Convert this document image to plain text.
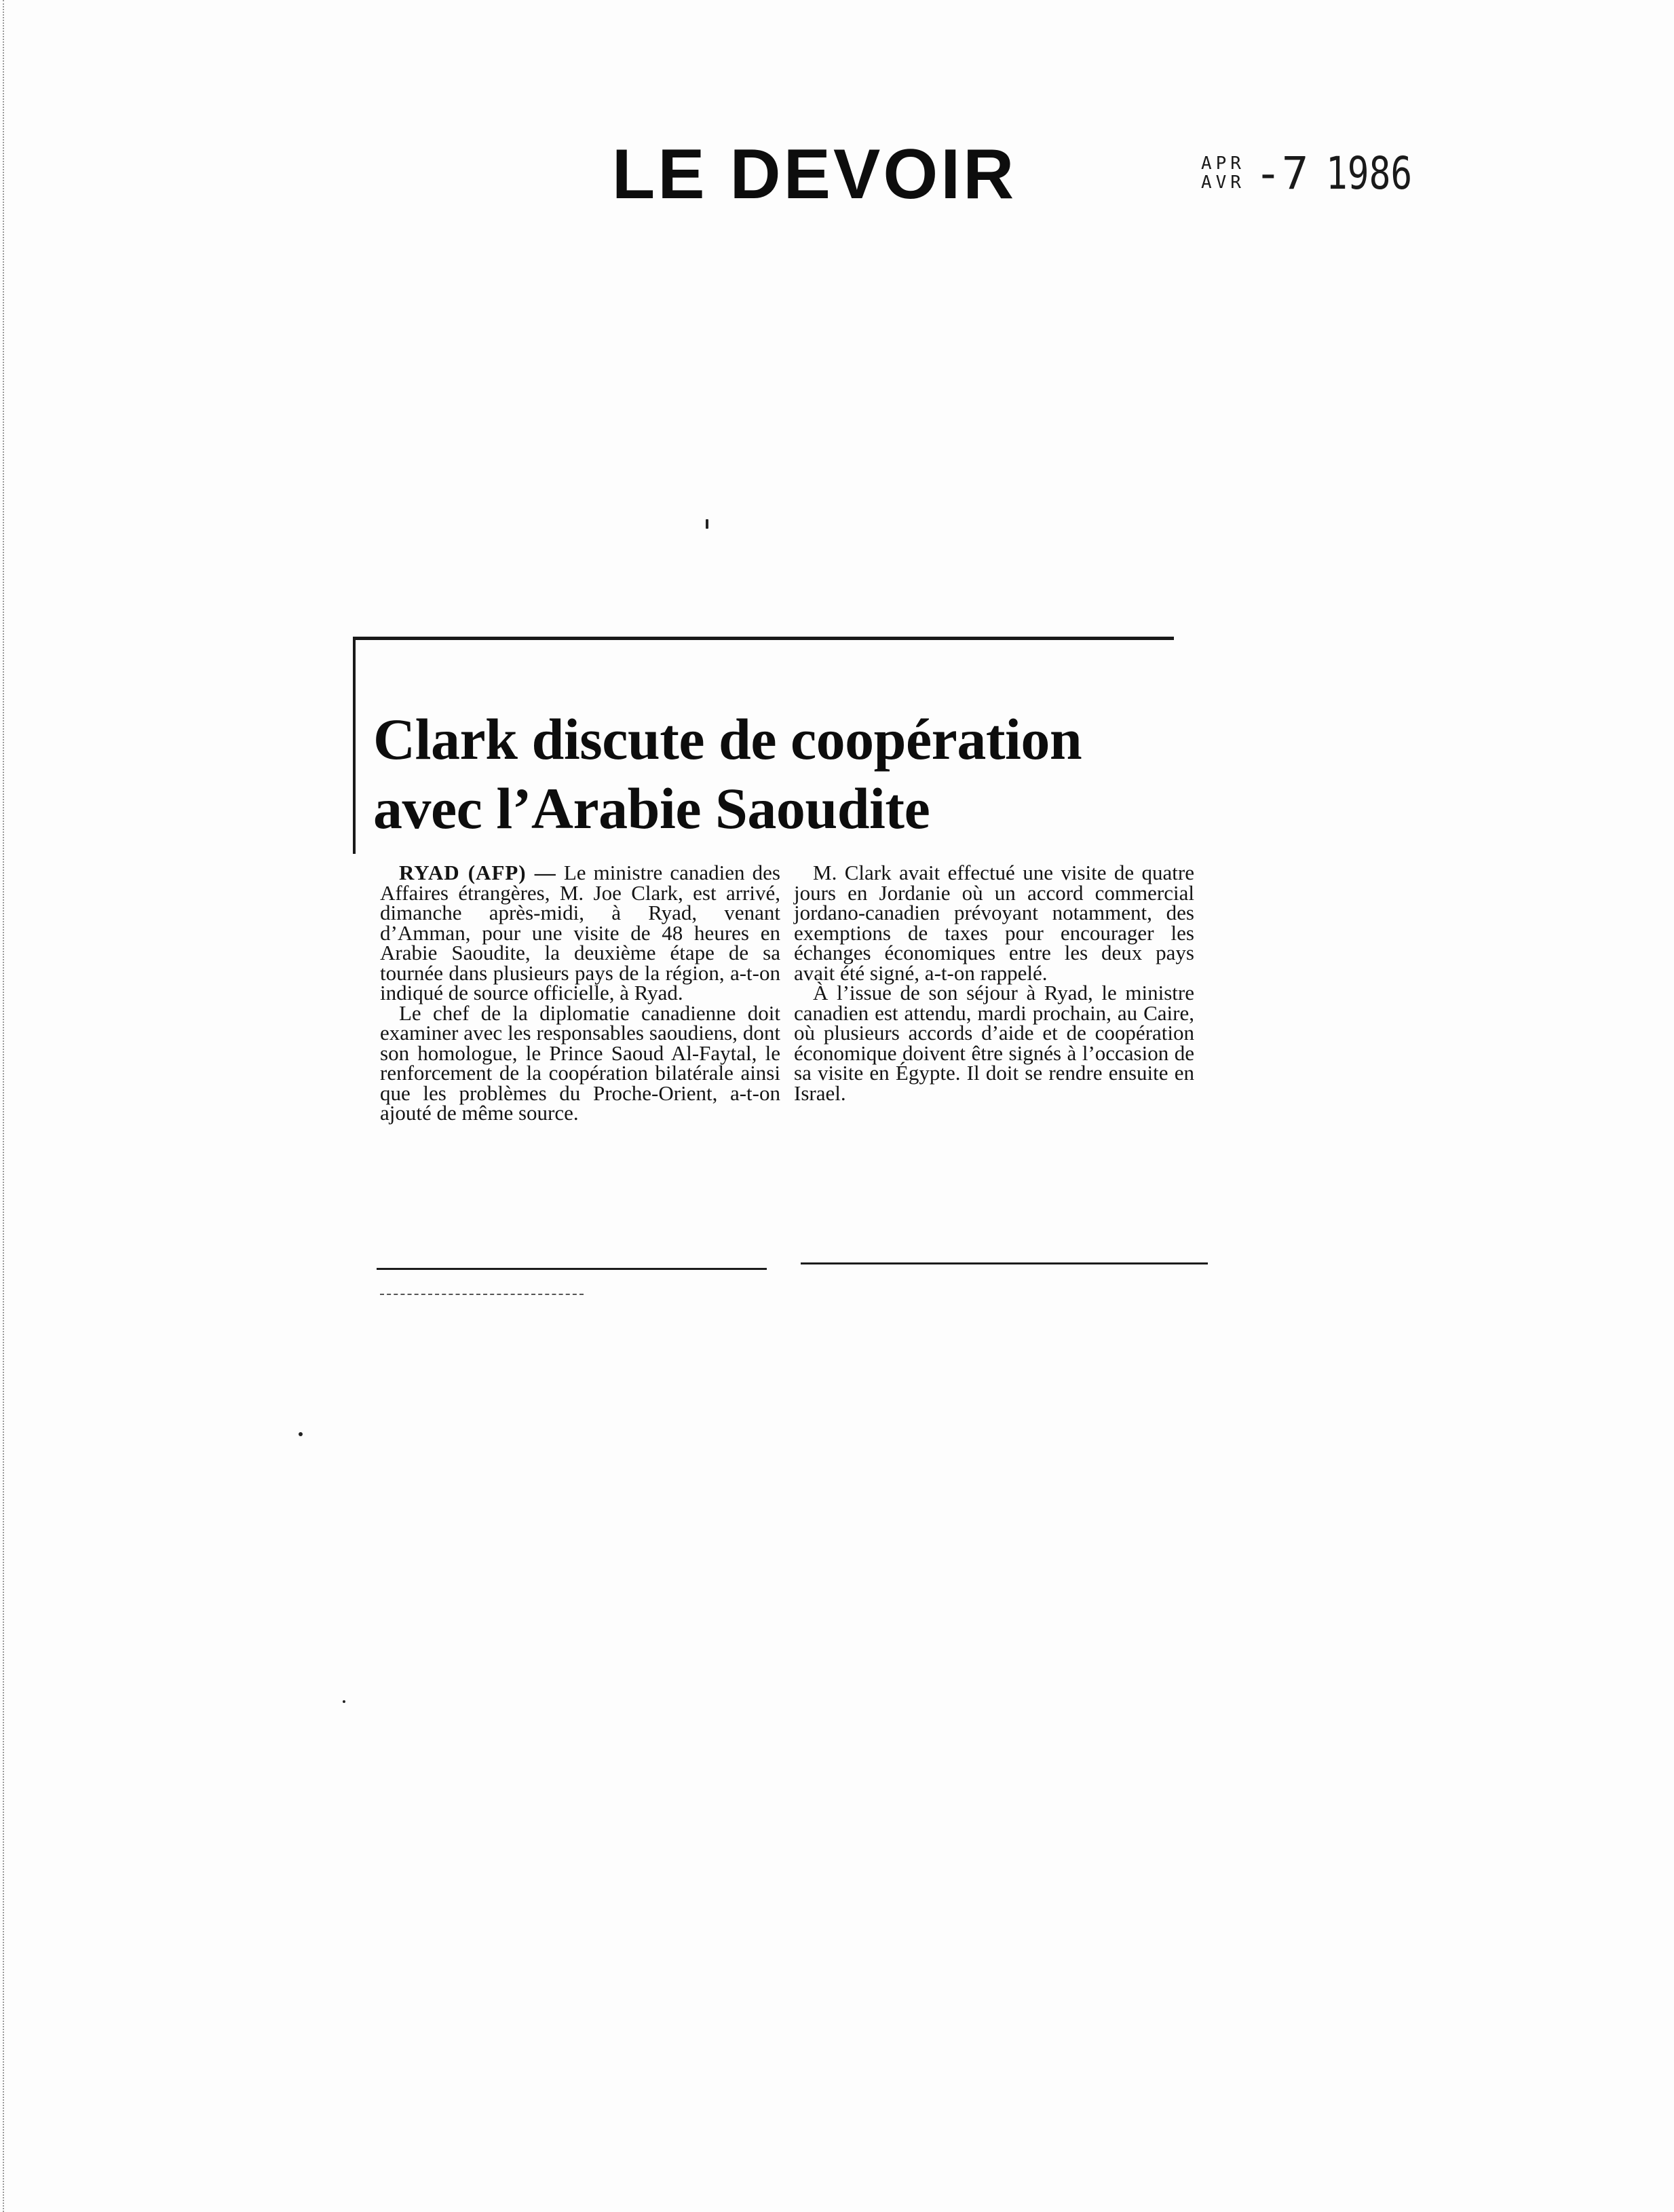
LE DEVOIR	APR
AVR -7 1986
Clark discute de coopération avec l’Arabie Saoudite

RYAD (AFP) — Le ministre canadien des Affaires étrangères, M. Joe Clark, est arrivé, dimanche après-midi, à Ryad, venant d’Amman, pour une visite de 48 heures en Arabie Saoudite, la deuxième étape de sa tournée dans plusieurs pays de la région, a-t-on indiqué de source officielle, à Ryad.

Le chef de la diplomatie canadienne doit examiner avec les responsables saoudiens, dont son homologue, le Prince Saoud Al-Faytal, le renforcement de la coopération bilatérale ainsi que les problèmes du Proche-Orient, a-t-on ajouté de même source.

M. Clark avait effectué une visite de quatre jours en Jordanie où un accord commercial jordano-canadien prévoyant notamment, des exemptions de taxes pour encourager les échanges économiques entre les deux pays avait été signé, a-t-on rappelé.

À l’issue de son séjour à Ryad, le ministre canadien est attendu, mardi prochain, au Caire, où plusieurs accords d’aide et de coopération économique doivent être signés à l’occasion de sa visite en Égypte. Il doit se rendre ensuite en Israel.
